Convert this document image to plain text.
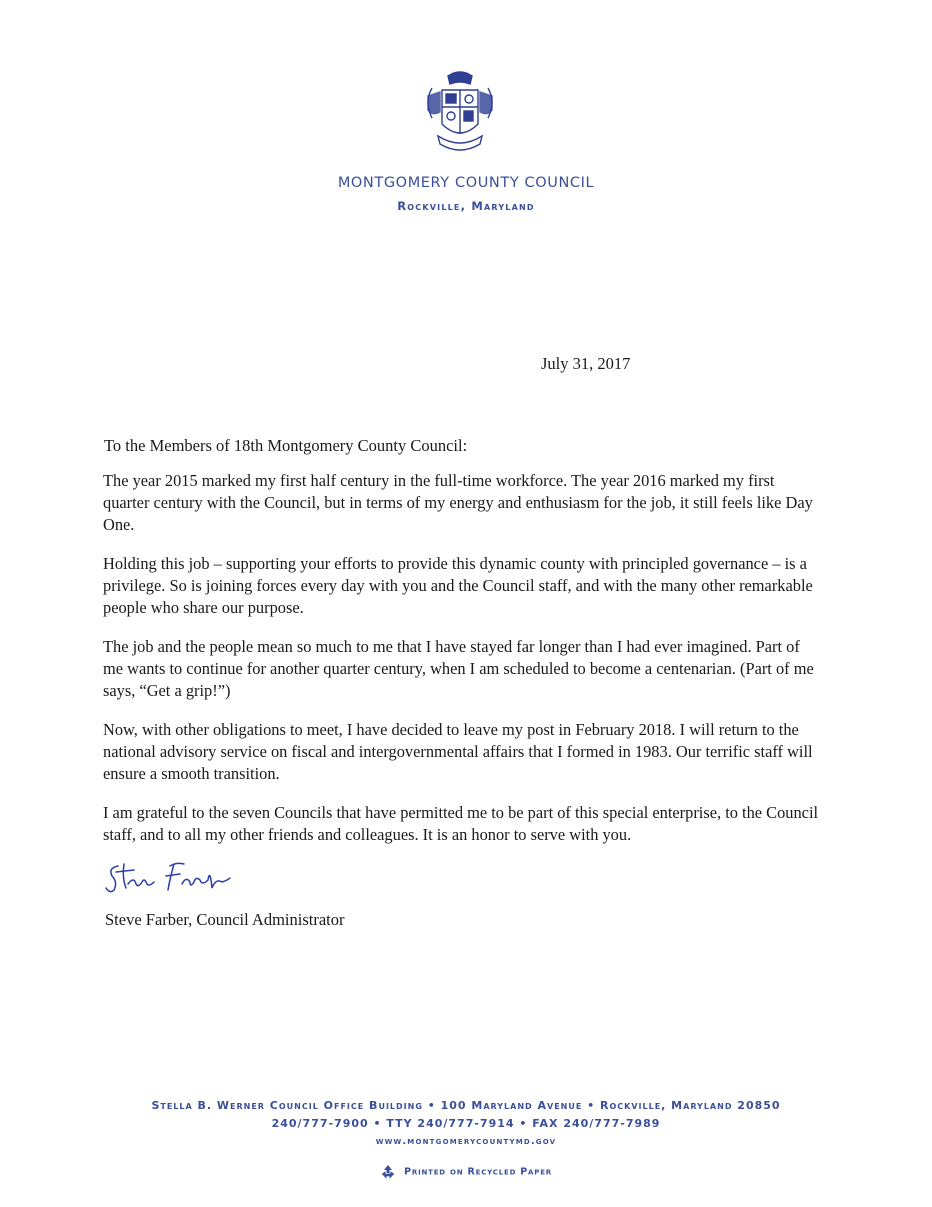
MONTGOMERY COUNTY COUNCIL
Rockville, Maryland
July 31, 2017
To the Members of 18th Montgomery County Council:

The year 2015 marked my first half century in the full-time workforce. The year 2016 marked my first quarter century with the Council, but in terms of my energy and enthusiasm for the job, it still feels like Day One.

Holding this job – supporting your efforts to provide this dynamic county with principled governance – is a privilege. So is joining forces every day with you and the Council staff, and with the many other remarkable people who share our purpose.

The job and the people mean so much to me that I have stayed far longer than I had ever imagined. Part of me wants to continue for another quarter century, when I am scheduled to become a centenarian. (Part of me says, “Get a grip!”)

Now, with other obligations to meet, I have decided to leave my post in February 2018. I will return to the national advisory service on fiscal and intergovernmental affairs that I formed in 1983. Our terrific staff will ensure a smooth transition.

I am grateful to the seven Councils that have permitted me to be part of this special enterprise, to the Council staff, and to all my other friends and colleagues. It is an honor to serve with you.

Steve Farber, Council Administrator
Stella B. Werner Council Office Building • 100 Maryland Avenue • Rockville, Maryland 20850
240/777-7900 • TTY 240/777-7914 • FAX 240/777-7989
www.montgomerycountymd.gov
Printed on Recycled Paper
